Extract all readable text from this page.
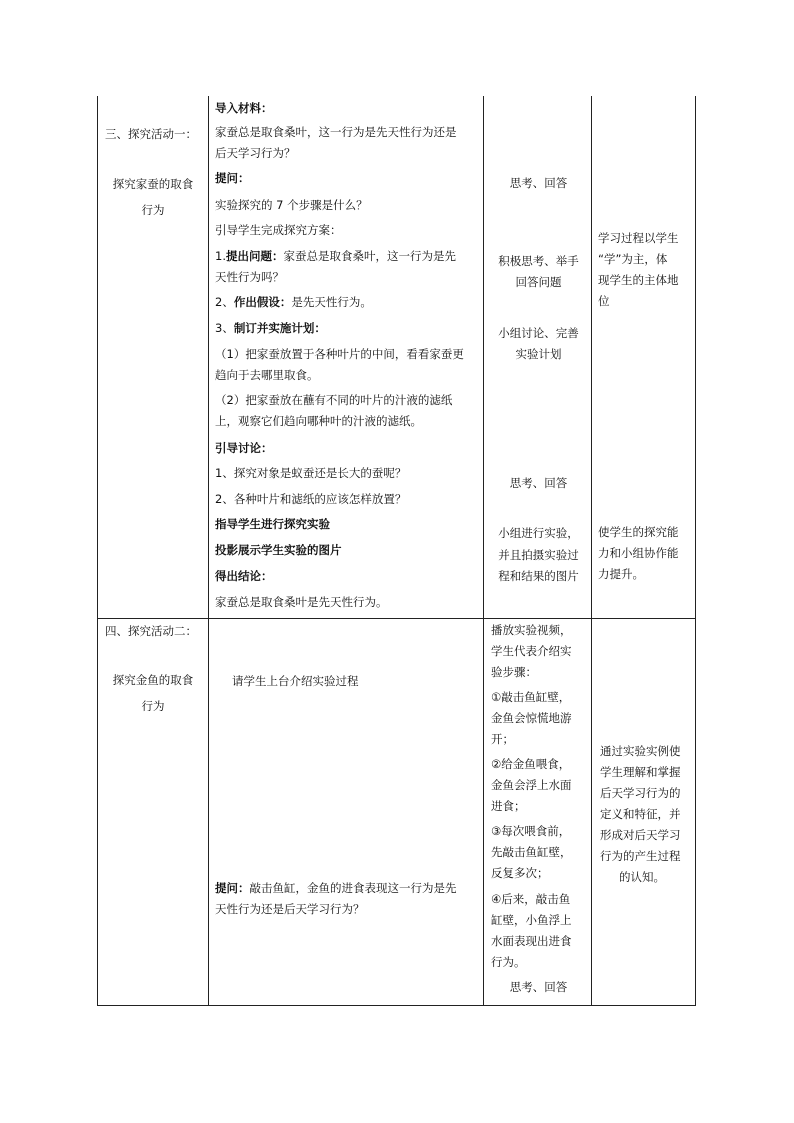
三、探究活动一：
探究家蚕的取食
行为
导入材料：
家蚕总是取食桑叶，这一行为是先天性行为还是
后天学习行为？
提问：
实验探究的 7 个步骤是什么？
引导学生完成探究方案：
1.提出问题：家蚕总是取食桑叶，这一行为是先
天性行为吗？
2、作出假设：是先天性行为。
3、制订并实施计划：
（1）把家蚕放置于各种叶片的中间，看看家蚕更
趋向于去哪里取食。
（2）把家蚕放在蘸有不同的叶片的汁液的滤纸
上，观察它们趋向哪种叶的汁液的滤纸。
引导讨论：
1、探究对象是蚁蚕还是长大的蚕呢？
2、各种叶片和滤纸的应该怎样放置？
指导学生进行探究实验
投影展示学生实验的图片
得出结论：
家蚕总是取食桑叶是先天性行为。
思考、回答
积极思考、举手
回答问题
小组讨论、完善
实验计划
思考、回答
小组进行实验，
并且拍摄实验过
程和结果的图片
学习过程以学生
“学”为主，体
现学生的主体地
位
使学生的探究能
力和小组协作能
力提升。
四、探究活动二：
探究金鱼的取食
行为
请学生上台介绍实验过程
提问：敲击鱼缸，金鱼的进食表现这一行为是先
天性行为还是后天学习行为？
播放实验视频，
学生代表介绍实
验步骤：
①敲击鱼缸壁，
金鱼会惊慌地游
开；
②给金鱼喂食，
金鱼会浮上水面
进食；
③每次喂食前，
先敲击鱼缸壁，
反复多次；
④后来，敲击鱼
缸壁，小鱼浮上
水面表现出进食
行为。
思考、回答
通过实验实例使
学生理解和掌握
后天学习行为的
定义和特征，并
形成对后天学习
行为的产生过程
的认知。
